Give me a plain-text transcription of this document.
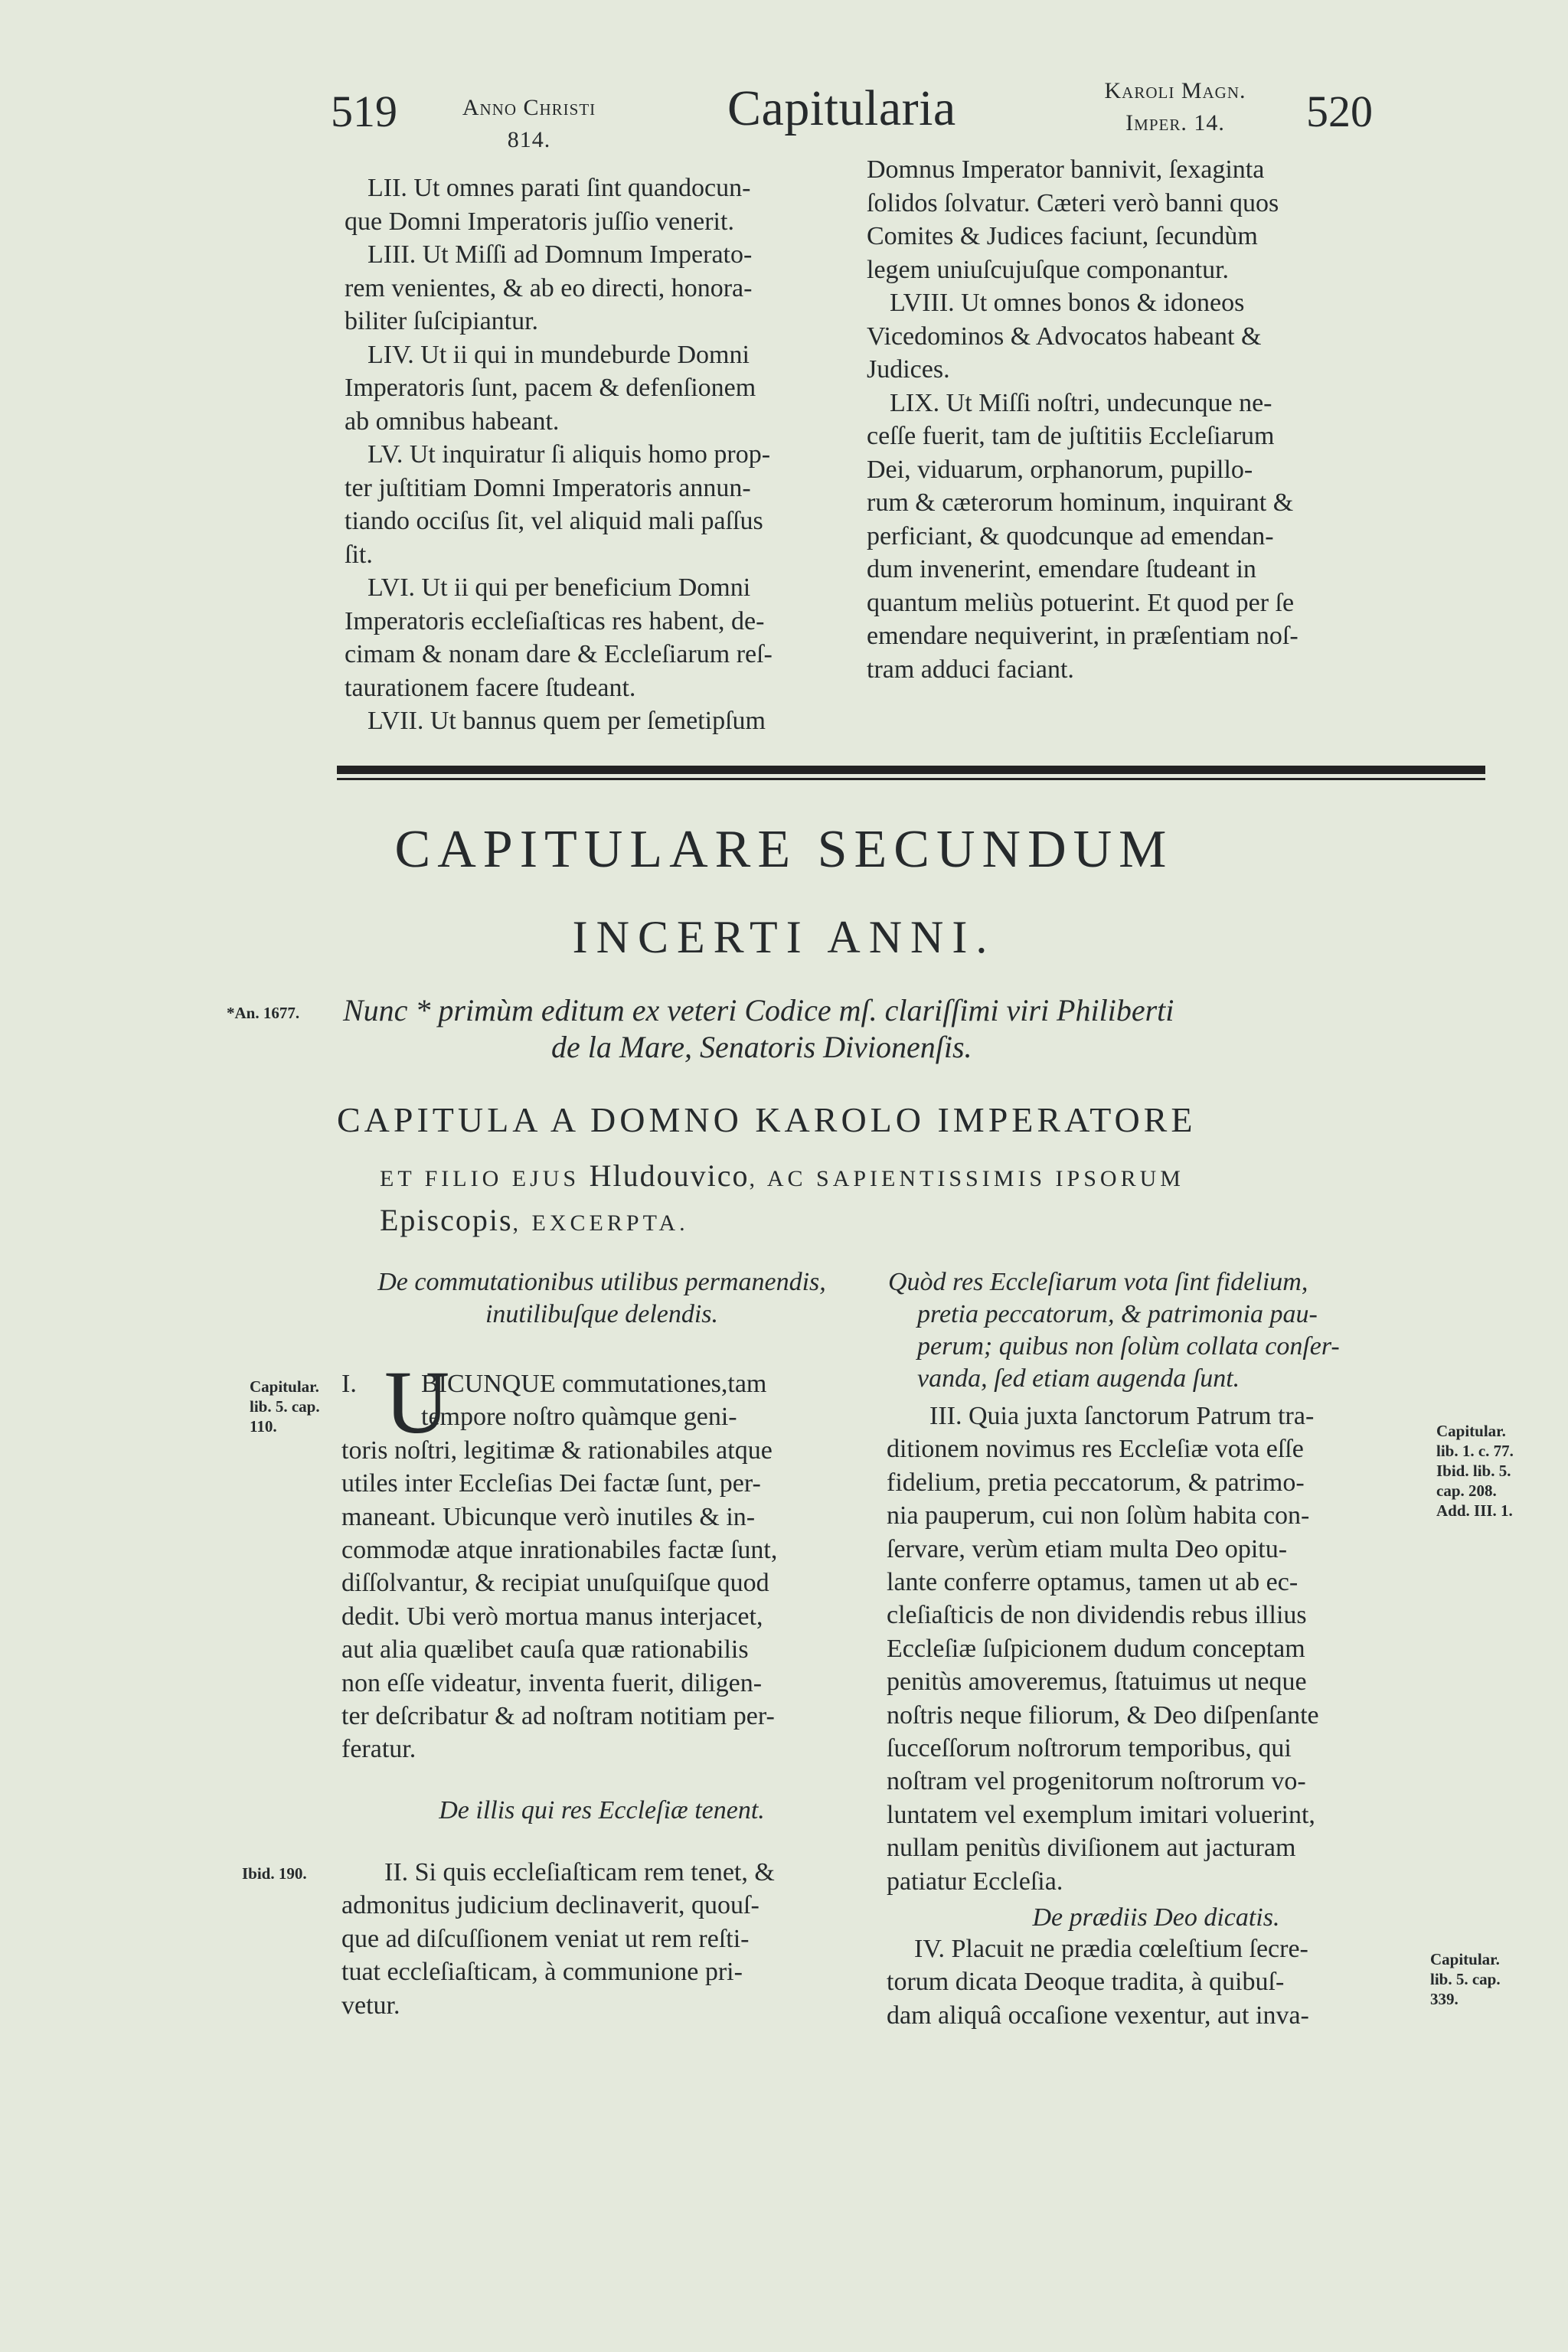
519	Anno Christi
814.
Capitularia	Karoli Magn.
Imper. 14.	520
LII. Ut omnes parati ſint quandocun-
que Domni Imperatoris juſſio venerit.
LIII. Ut Miſſi ad Domnum Imperato-
rem venientes, & ab eo directi, honora-
biliter ſuſcipiantur.
LIV. Ut ii qui in mundeburde Domni
Imperatoris ſunt, pacem & defenſionem
ab omnibus habeant.
LV. Ut inquiratur ſi aliquis homo prop-
ter juſtitiam Domni Imperatoris annun-
tiando occiſus ſit, vel aliquid mali paſſus
ſit.
LVI. Ut ii qui per beneficium Domni
Imperatoris eccleſiaſticas res habent, de-
cimam & nonam dare & Eccleſiarum reſ-
taurationem facere ſtudeant.
LVII. Ut bannus quem per ſemetipſum
Domnus Imperator bannivit, ſexaginta
ſolidos ſolvatur. Cæteri verò banni quos
Comites & Judices faciunt, ſecundùm
legem uniuſcujuſque componantur.
LVIII. Ut omnes bonos & idoneos
Vicedominos & Advocatos habeant &
Judices.
LIX. Ut Miſſi noſtri, undecunque ne-
ceſſe fuerit, tam de juſtitiis Eccleſiarum
Dei, viduarum, orphanorum, pupillo-
rum & cæterorum hominum, inquirant &
perficiant, & quodcunque ad emendan-
dum invenerint, emendare ſtudeant in
quantum meliùs potuerint. Et quod per ſe
emendare nequiverint, in præſentiam noſ-
tram adduci faciant.
CAPITULARE SECUNDUM
INCERTI ANNI.
*An. 1677. Nunc * primùm editum ex veteri Codice mſ. clariſſimi viri Philiberti
de la Mare, Senatoris Divionenſis.
CAPITULA A DOMNO KAROLO IMPERATORE
ET FILIO EJUS Hludouvico, AC SAPIENTISSIMIS IPSORUM
Episcopis, EXCERPTA.
De commutationibus utilibus permanendis,
inutilibuſque delendis.
Capitular.
lib. 5. cap.
110.
I. U
BICUNQUE commutationes,tam
tempore noſtro quàmque geni-
toris noſtri, legitimæ & rationabiles atque
utiles inter Eccleſias Dei factæ ſunt, per-
maneant. Ubicunque verò inutiles & in-
commodæ atque inrationabiles factæ ſunt,
diſſolvantur, & recipiat unuſquiſque quod
dedit. Ubi verò mortua manus interjacet,
aut alia quælibet cauſa quæ rationabilis
non eſſe videatur, inventa fuerit, diligen-
ter deſcribatur & ad noſtram notitiam per-
feratur.
De illis qui res Eccleſiæ tenent.
Ibid. 190.	II. Si quis eccleſiaſticam rem tenet, &
admonitus judicium declinaverit, quouſ-
que ad diſcuſſionem veniat ut rem reſti-
tuat eccleſiaſticam, à communione pri-
vetur.
Quòd res Eccleſiarum vota ſint fidelium,
pretia peccatorum, & patrimonia pau-
perum; quibus non ſolùm collata conſer-
vanda, ſed etiam augenda ſunt.
III. Quia juxta ſanctorum Patrum tra-
ditionem novimus res Eccleſiæ vota eſſe
fidelium, pretia peccatorum, & patrimo-
nia pauperum, cui non ſolùm habita con-
ſervare, verùm etiam multa Deo opitu-
lante conferre optamus, tamen ut ab ec-
cleſiaſticis de non dividendis rebus illius
Eccleſiæ ſuſpicionem dudum conceptam
penitùs amoveremus, ſtatuimus ut neque
noſtris neque filiorum, & Deo diſpenſante
ſucceſſorum noſtrorum temporibus, qui
noſtram vel progenitorum noſtrorum vo-
luntatem vel exemplum imitari voluerint,
nullam penitùs diviſionem aut jacturam
patiatur Eccleſia.
Capitular.
lib. 1. c. 77.
Ibid. lib. 5.
cap. 208.
Add. III. 1.
De prædiis Deo dicatis.
IV. Placuit ne prædia cœleſtium ſecre-
torum dicata Deoque tradita, à quibuſ-
dam aliquâ occaſione vexentur, aut inva-
Capitular.
lib. 5. cap.
339.
